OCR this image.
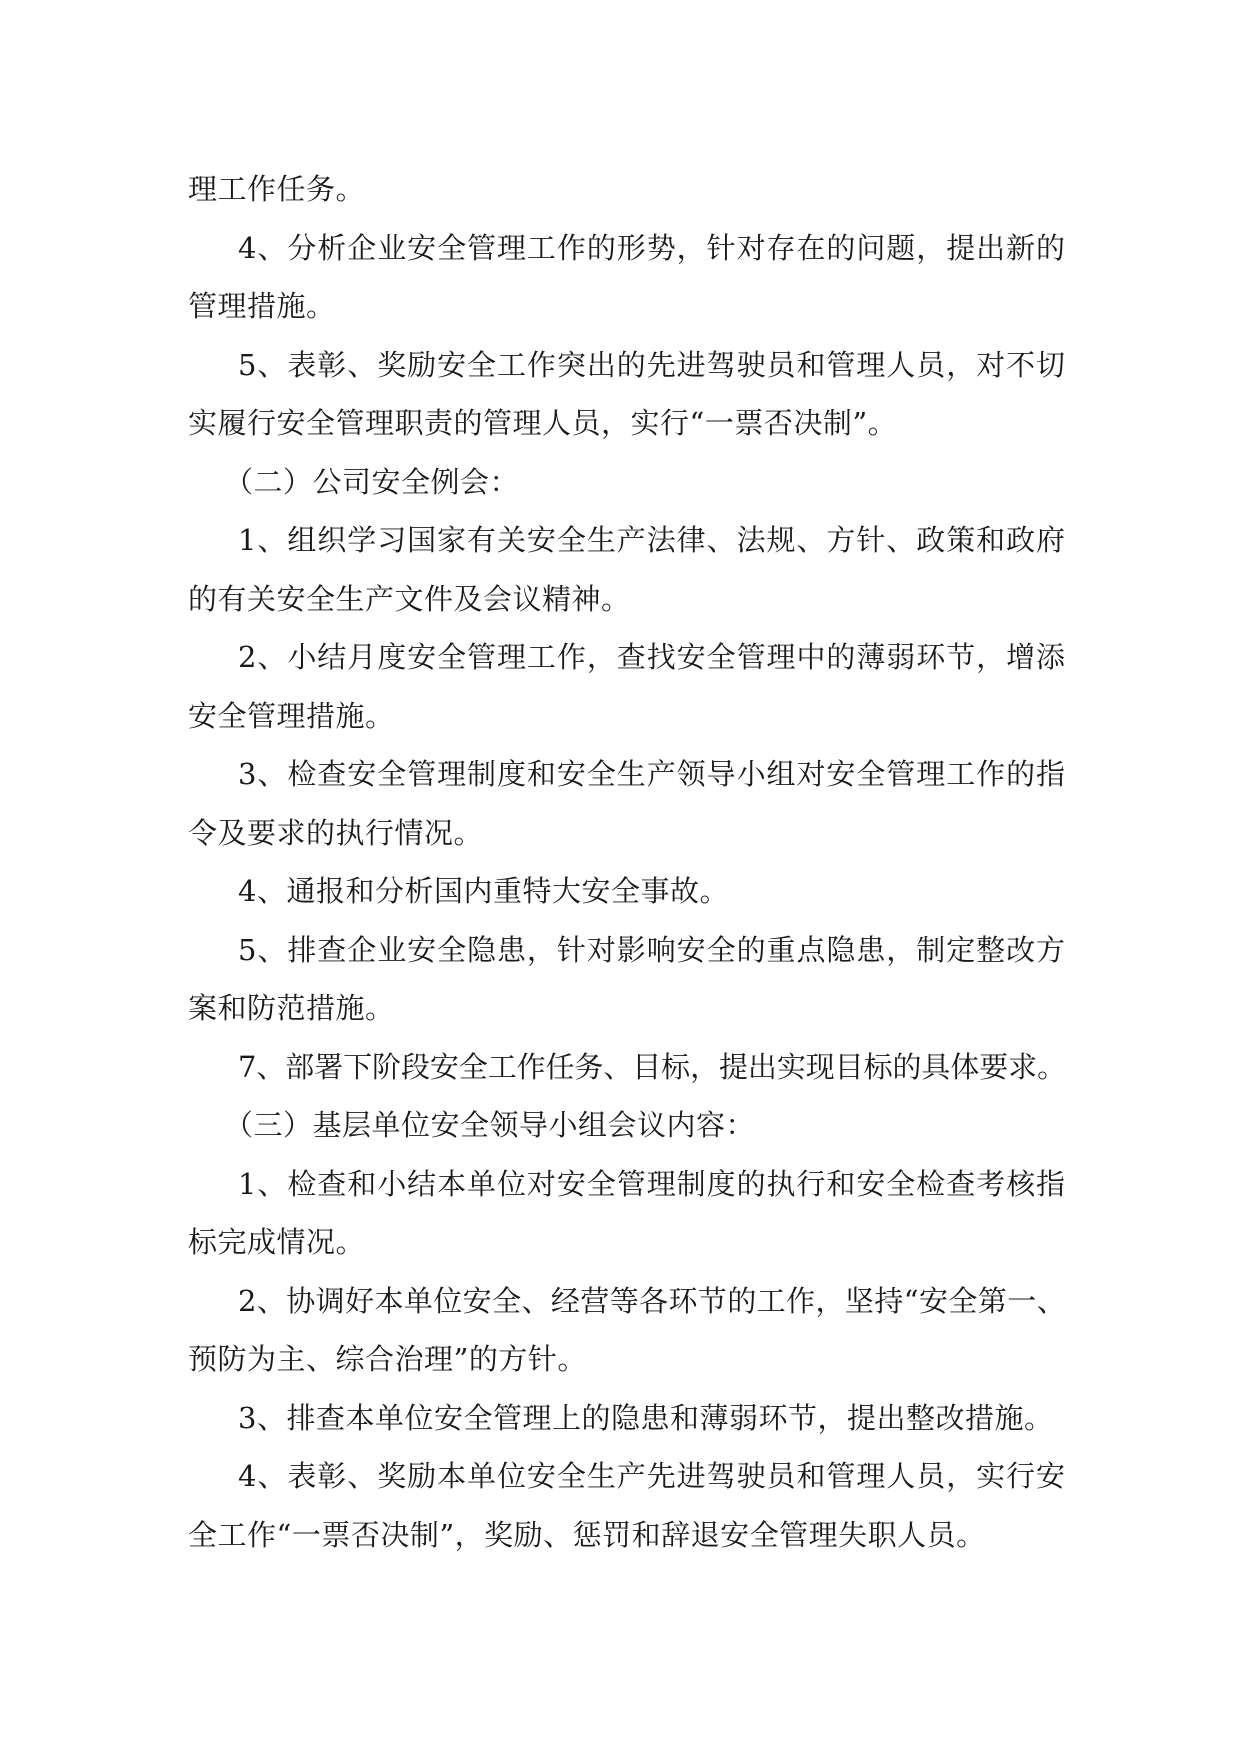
理工作任务。
4、分析企业安全管理工作的形势，针对存在的问题，提出新的
管理措施。
5、表彰、奖励安全工作突出的先进驾驶员和管理人员，对不切
实履行安全管理职责的管理人员，实行“一票否决制”。
（二）公司安全例会：
1、组织学习国家有关安全生产法律、法规、方针、政策和政府
的有关安全生产文件及会议精神。
2、小结月度安全管理工作，查找安全管理中的薄弱环节，增添
安全管理措施。
3、检查安全管理制度和安全生产领导小组对安全管理工作的指
令及要求的执行情况。
4、通报和分析国内重特大安全事故。
5、排查企业安全隐患，针对影响安全的重点隐患，制定整改方
案和防范措施。
7、部署下阶段安全工作任务、目标，提出实现目标的具体要求。
（三）基层单位安全领导小组会议内容：
1、检查和小结本单位对安全管理制度的执行和安全检查考核指
标完成情况。
2、协调好本单位安全、经营等各环节的工作，坚持“安全第一、
预防为主、综合治理”的方针。
3、排查本单位安全管理上的隐患和薄弱环节，提出整改措施。
4、表彰、奖励本单位安全生产先进驾驶员和管理人员，实行安
全工作“一票否决制”，奖励、惩罚和辞退安全管理失职人员。
